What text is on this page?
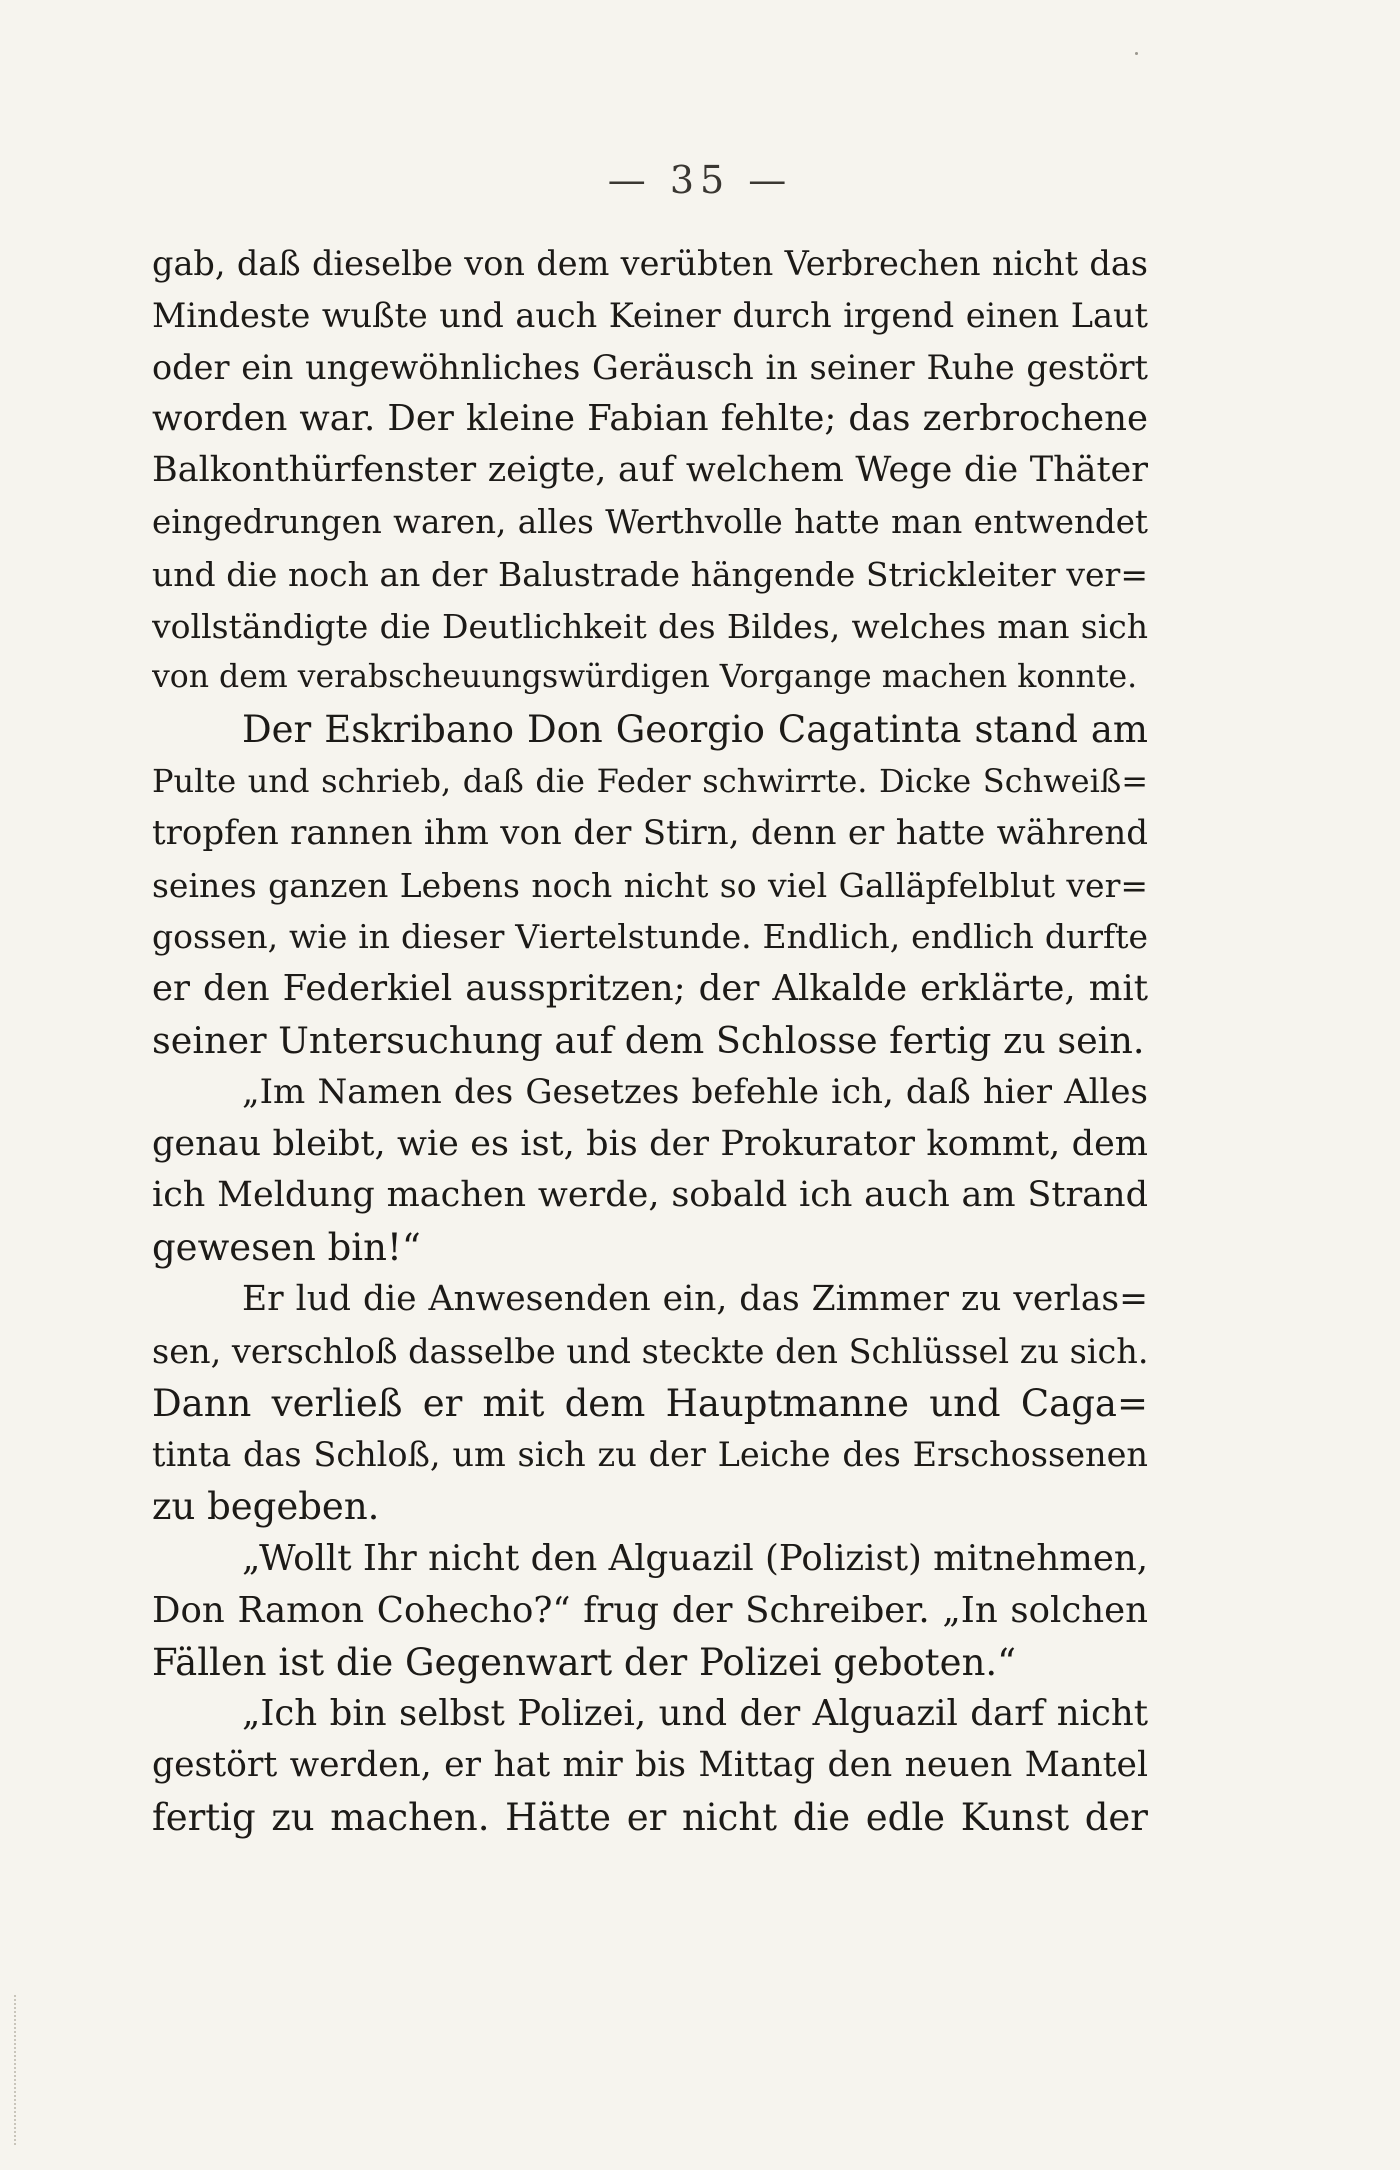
— 35 —
gab, daß dieselbe von dem verübten Verbrechen nicht das
Mindeste wußte und auch Keiner durch irgend einen Laut
oder ein ungewöhnliches Geräusch in seiner Ruhe gestört
worden war. Der kleine Fabian fehlte; das zerbrochene
Balkonthürfenster zeigte, auf welchem Wege die Thäter
eingedrungen waren, alles Werthvolle hatte man entwendet
und die noch an der Balustrade hängende Strickleiter ver=
vollständigte die Deutlichkeit des Bildes, welches man sich
von dem verabscheuungswürdigen Vorgange machen konnte.
Der Eskribano Don Georgio Cagatinta stand am
Pulte und schrieb, daß die Feder schwirrte. Dicke Schweiß=
tropfen rannen ihm von der Stirn, denn er hatte während
seines ganzen Lebens noch nicht so viel Galläpfelblut ver=
gossen, wie in dieser Viertelstunde. Endlich, endlich durfte
er den Federkiel ausspritzen; der Alkalde erklärte, mit
seiner Untersuchung auf dem Schlosse fertig zu sein.
„Im Namen des Gesetzes befehle ich, daß hier Alles
genau bleibt, wie es ist, bis der Prokurator kommt, dem
ich Meldung machen werde, sobald ich auch am Strand
gewesen bin!“
Er lud die Anwesenden ein, das Zimmer zu verlas=
sen, verschloß dasselbe und steckte den Schlüssel zu sich.
Dann verließ er mit dem Hauptmanne und Caga=
tinta das Schloß, um sich zu der Leiche des Erschossenen
zu begeben.
„Wollt Ihr nicht den Alguazil (Polizist) mitnehmen,
Don Ramon Cohecho?“ frug der Schreiber. „In solchen
Fällen ist die Gegenwart der Polizei geboten.“
„Ich bin selbst Polizei, und der Alguazil darf nicht
gestört werden, er hat mir bis Mittag den neuen Mantel
fertig zu machen. Hätte er nicht die edle Kunst der
